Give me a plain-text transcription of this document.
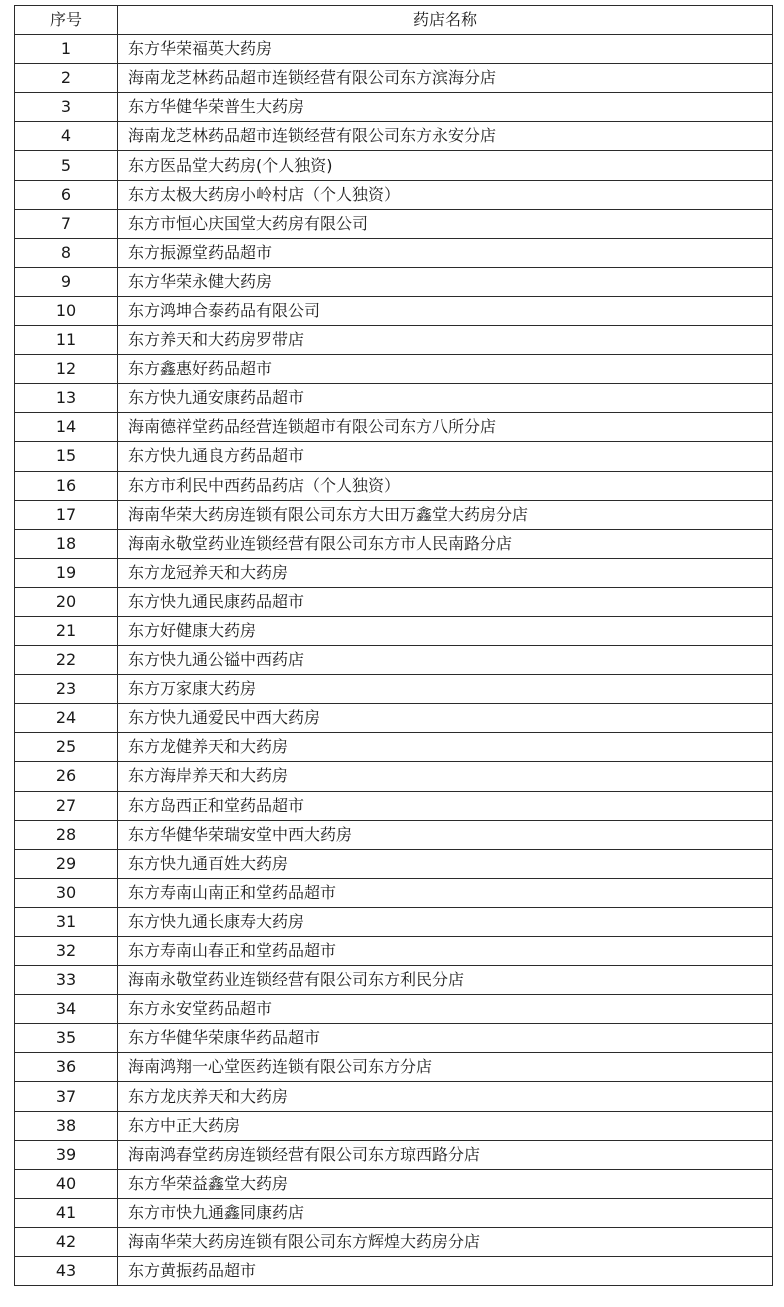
序号	药店名称
1	东方华荣福英大药房
2	海南龙芝林药品超市连锁经营有限公司东方滨海分店
3	东方华健华荣普生大药房
4	海南龙芝林药品超市连锁经营有限公司东方永安分店
5	东方医品堂大药房(个人独资)
6	东方太极大药房小岭村店（个人独资）
7	东方市恒心庆国堂大药房有限公司
8	东方振源堂药品超市
9	东方华荣永健大药房
10	东方鸿坤合泰药品有限公司
11	东方养天和大药房罗带店
12	东方鑫惠好药品超市
13	东方快九通安康药品超市
14	海南德祥堂药品经营连锁超市有限公司东方八所分店
15	东方快九通良方药品超市
16	东方市利民中西药品药店（个人独资）
17	海南华荣大药房连锁有限公司东方大田万鑫堂大药房分店
18	海南永敬堂药业连锁经营有限公司东方市人民南路分店
19	东方龙冠养天和大药房
20	东方快九通民康药品超市
21	东方好健康大药房
22	东方快九通公镒中西药店
23	东方万家康大药房
24	东方快九通爱民中西大药房
25	东方龙健养天和大药房
26	东方海岸养天和大药房
27	东方岛西正和堂药品超市
28	东方华健华荣瑞安堂中西大药房
29	东方快九通百姓大药房
30	东方寿南山南正和堂药品超市
31	东方快九通长康寿大药房
32	东方寿南山春正和堂药品超市
33	海南永敬堂药业连锁经营有限公司东方利民分店
34	东方永安堂药品超市
35	东方华健华荣康华药品超市
36	海南鸿翔一心堂医药连锁有限公司东方分店
37	东方龙庆养天和大药房
38	东方中正大药房
39	海南鸿春堂药房连锁经营有限公司东方琼西路分店
40	东方华荣益鑫堂大药房
41	东方市快九通鑫同康药店
42	海南华荣大药房连锁有限公司东方辉煌大药房分店
43	东方黄振药品超市
